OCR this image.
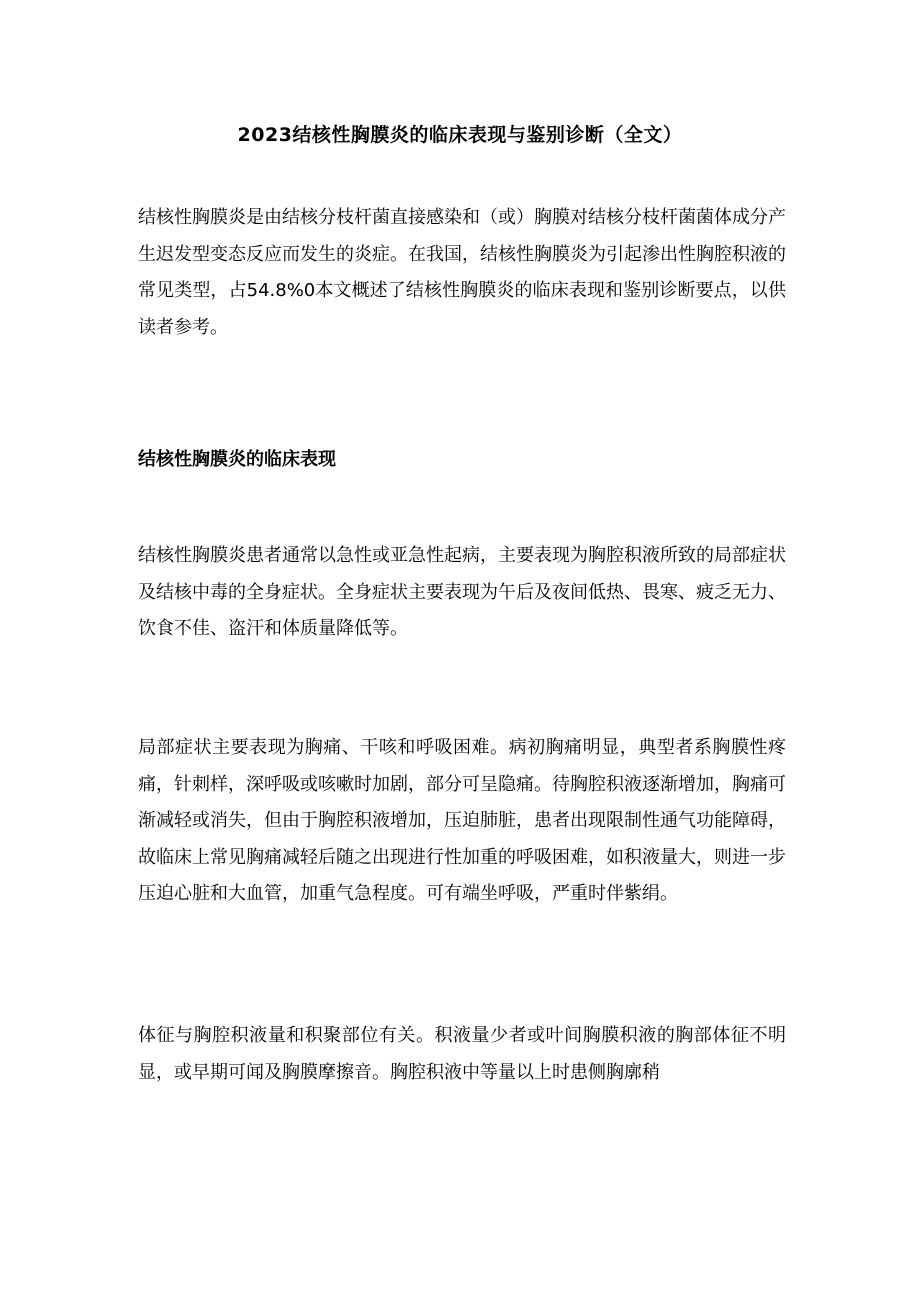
2023结核性胸膜炎的临床表现与鉴别诊断（全文）

结核性胸膜炎是由结核分枝杆菌直接感染和（或）胸膜对结核分枝杆菌菌体成分产生迟发型变态反应而发生的炎症。在我国，结核性胸膜炎为引起渗出性胸腔积液的常见类型，占54.8%0本文概述了结核性胸膜炎的临床表现和鉴别诊断要点，以供读者参考。

结核性胸膜炎的临床表现

结核性胸膜炎患者通常以急性或亚急性起病，主要表现为胸腔积液所致的局部症状及结核中毒的全身症状。全身症状主要表现为午后及夜间低热、畏寒、疲乏无力、饮食不佳、盗汗和体质量降低等。

局部症状主要表现为胸痛、干咳和呼吸困难。病初胸痛明显，典型者系胸膜性疼痛，针刺样，深呼吸或咳嗽时加剧，部分可呈隐痛。待胸腔积液逐渐增加，胸痛可渐减轻或消失，但由于胸腔积液增加，压迫肺脏，患者出现限制性通气功能障碍，故临床上常见胸痛减轻后随之出现进行性加重的呼吸困难，如积液量大，则进一步压迫心脏和大血管，加重气急程度。可有端坐呼吸，严重时伴紫绢。

体征与胸腔积液量和积聚部位有关。积液量少者或叶间胸膜积液的胸部体征不明显，或早期可闻及胸膜摩擦音。胸腔积液中等量以上时患侧胸廓稍
